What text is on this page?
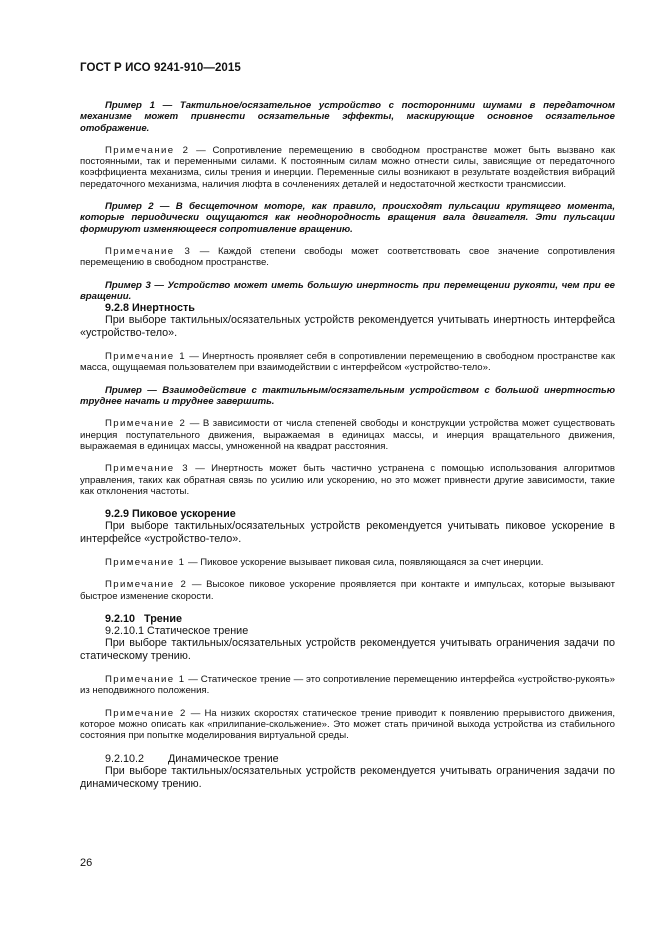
ГОСТ Р ИСО 9241-910—2015

Пример 1 — Тактильное/осязательное устройство с посторонними шумами в передаточном механизме может привнести осязательные эффекты, маскирующие основное осязательное отображение.

Примечание 2 — Сопротивление перемещению в свободном пространстве может быть вызвано как постоянными, так и переменными силами. К постоянным силам можно отнести силы, зависящие от передаточного коэффициента механизма, силы трения и инерции. Переменные силы возникают в результате воздействия вибраций передаточного механизма, наличия люфта в сочленениях деталей и недостаточной жесткости трансмиссии.

Пример 2 — В бесщеточном моторе, как правило, происходят пульсации крутящего момента, которые периодически ощущаются как неоднородность вращения вала двигателя. Эти пульсации формируют изменяющееся сопротивление вращению.

Примечание 3 — Каждой степени свободы может соответствовать свое значение сопротивления перемещению в свободном пространстве.

Пример 3 — Устройство может иметь большую инертность при перемещении рукояти, чем при ее вращении.

9.2.8 Инертность

При выборе тактильных/осязательных устройств рекомендуется учитывать инертность интерфейса «устройство-тело».

Примечание 1 — Инертность проявляет себя в сопротивлении перемещению в свободном пространстве как масса, ощущаемая пользователем при взаимодействии с интерфейсом «устройство-тело».

Пример — Взаимодействие с тактильным/осязательным устройством с большой инертностью труднее начать и труднее завершить.

Примечание 2 — В зависимости от числа степеней свободы и конструкции устройства может существовать инерция поступательного движения, выражаемая в единицах массы, и инерция вращательного движения, выражаемая в единицах массы, умноженной на квадрат расстояния.

Примечание 3 — Инертность может быть частично устранена с помощью использования алгоритмов управления, таких как обратная связь по усилию или ускорению, но это может привнести другие зависимости, такие как отклонения частоты.

9.2.9 Пиковое ускорение

При выборе тактильных/осязательных устройств рекомендуется учитывать пиковое ускорение в интерфейсе «устройство-тело».

Примечание 1 — Пиковое ускорение вызывает пиковая сила, появляющаяся за счет инерции.

Примечание 2 — Высокое пиковое ускорение проявляется при контакте и импульсах, которые вызывают быстрое изменение скорости.

9.2.10   Трение

9.2.10.1 Статическое трение

При выборе тактильных/осязательных устройств рекомендуется учитывать ограничения задачи по статическому трению.

Примечание 1 — Статическое трение — это сопротивление перемещению интерфейса «устройство-рукоять» из неподвижного положения.

Примечание 2 — На низких скоростях статическое трение приводит к появлению прерывистого движения, которое можно описать как «прилипание-скольжение». Это может стать причиной выхода устройства из стабильного состояния при попытке моделирования виртуальной среды.

9.2.10.2        Динамическое трение

При выборе тактильных/осязательных устройств рекомендуется учитывать ограничения задачи по динамическому трению.

26
